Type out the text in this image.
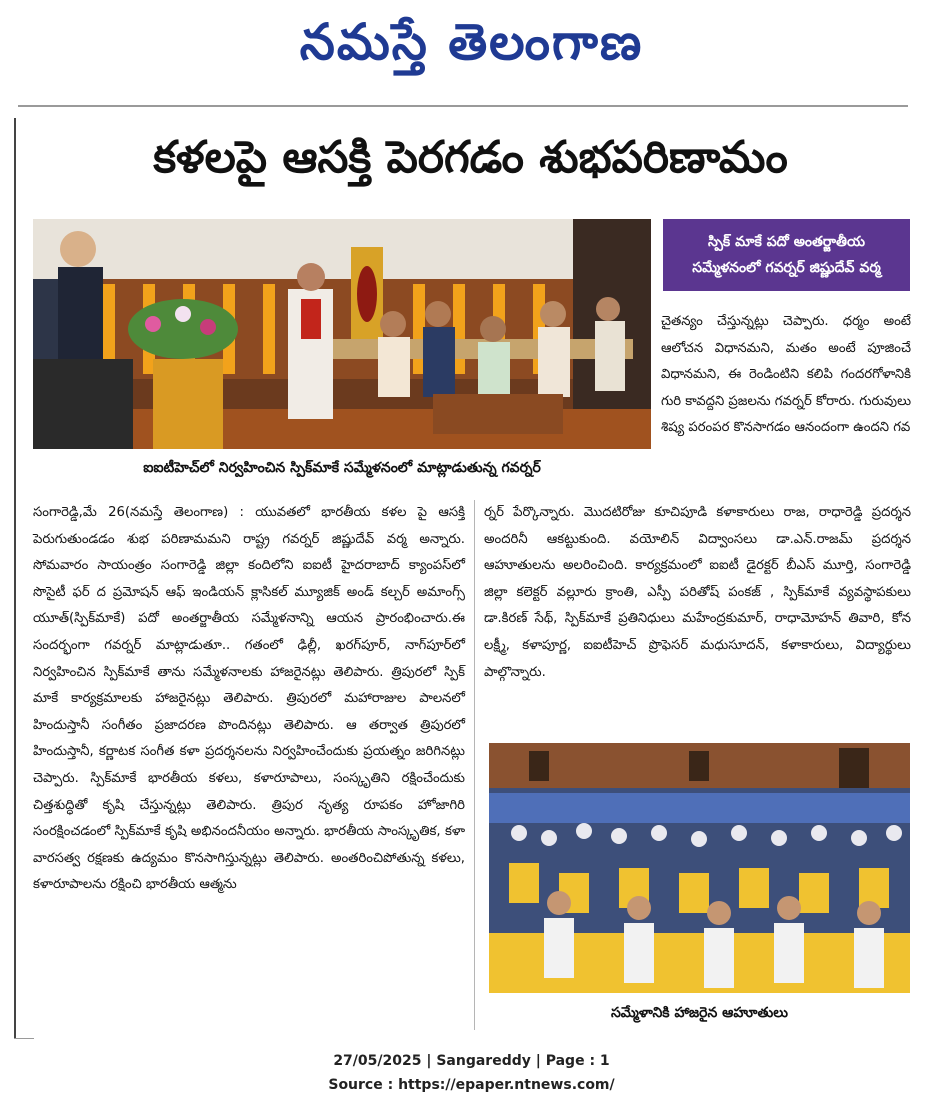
నమస్తే తెలంగాణ
కళలపై ఆసక్తి పెరగడం శుభపరిణామం
ఐఐటీహెచ్‌లో నిర్వహించిన స్పిక్‌మాకే సమ్మేళనంలో మాట్లాడుతున్న గవర్నర్
స్పిక్ మాకే పదో అంతర్జాతీయ
సమ్మేళనంలో గవర్నర్ జిష్ణుదేవ్ వర్మ

చైతన్యం చేస్తున్నట్లు చెప్పారు. ధర్మం అంటే ఆలోచన విధానమని, మతం అంటే పూజించే విధానమని, ఈ రెండింటిని కలిపి గందరగోళానికి గురి కావద్దని ప్రజలను గవర్నర్ కోరారు. గురువులు శిష్య పరంపర కొనసాగడం ఆనందంగా ఉందని గవ

సంగారెడ్డి,మే 26(నమస్తే తెలంగాణ) : యువతలో భారతీయ కళల పై ఆసక్తి పెరుగుతుండడం శుభ పరిణామమని రాష్ట్ర గవర్నర్ జిష్ణుదేవ్ వర్మ అన్నారు. సోమవారం సాయంత్రం సంగారెడ్డి జిల్లా కందిలోని ఐఐటీ హైదరాబాద్ క్యాంపస్‌లో సొసైటీ ఫర్ ద ప్రమోషన్ ఆఫ్ ఇండియన్ క్లాసికల్ మ్యూజిక్ అండ్ కల్చర్ అమాంగ్స్ యూత్(స్పిక్‌మాకే) పదో అంతర్జాతీయ సమ్మేళనాన్ని ఆయన ప్రారంభించారు.ఈ సందర్భంగా గవర్నర్ మాట్లాడుతూ.. గతంలో ఢిల్లీ, ఖరగ్‌పూర్, నాగ్‌పూర్‌లో నిర్వహించిన స్పిక్‌మాకే తాను సమ్మేళనాలకు హాజరైనట్లు తెలిపారు. త్రిపురలో స్పిక్ మాకే కార్యక్రమాలకు హాజరైనట్లు తెలిపారు. త్రిపురలో మహారాజుల పాలనలో హిందుస్తానీ సంగీతం ప్రజాదరణ పొందినట్లు తెలిపారు. ఆ తర్వాత త్రిపురలో హిందుస్తానీ, కర్ణాటక సంగీత కళా ప్రదర్శనలను నిర్వహించేందుకు ప్రయత్నం జరిగినట్లు చెప్పారు. స్పిక్‌మాకే భారతీయ కళలు, కళారూపాలు, సంస్కృతిని రక్షించేందుకు చిత్తశుద్ధితో కృషి చేస్తున్నట్లు తెలిపారు. త్రిపుర నృత్య రూపకం హోజాగిరి సంరక్షించడంలో స్పిక్‌మాకే కృషి అభినందనీయం అన్నారు. భారతీయ సాంస్కృతిక, కళా వారసత్వ రక్షణకు ఉద్యమం కొనసాగిస్తున్నట్లు తెలిపారు. అంతరించిపోతున్న కళలు, కళారూపాలను రక్షించి భారతీయ ఆత్మను

ర్నర్ పేర్కొన్నారు. మొదటిరోజు కూచిపూడి కళాకారులు రాజ, రాధారెడ్డి ప్రదర్శన అందరినీ ఆకట్టుకుంది. వయోలిన్ విద్వాంసలు డా.ఎన్.రాజమ్ ప్రదర్శన ఆహూతులను అలరించింది. కార్యక్రమంలో ఐఐటీ డైరక్టర్ బీఎస్ మూర్తి, సంగారెడ్డి జిల్లా కలెక్టర్ వల్లూరు క్రాంతి, ఎస్పీ పరితోష్ పంకజ్ , స్పిక్‌మాకే వ్యవస్థాపకులు డా.కిరణ్ సేథ్, స్పిక్‌మాకే ప్రతినిధులు మహేంద్రకుమార్, రాధామోహన్ తివారి, కోన లక్ష్మీ, కళాపూర్ణ, ఐఐటీహెచ్ ప్రొఫెసర్ మధుసూదన్, కళాకారులు, విద్యార్థులు పాల్గొన్నారు.

సమ్మేళానికి హాజరైన ఆహూతులు
27/05/2025 | Sangareddy | Page : 1
Source : https://epaper.ntnews.com/
